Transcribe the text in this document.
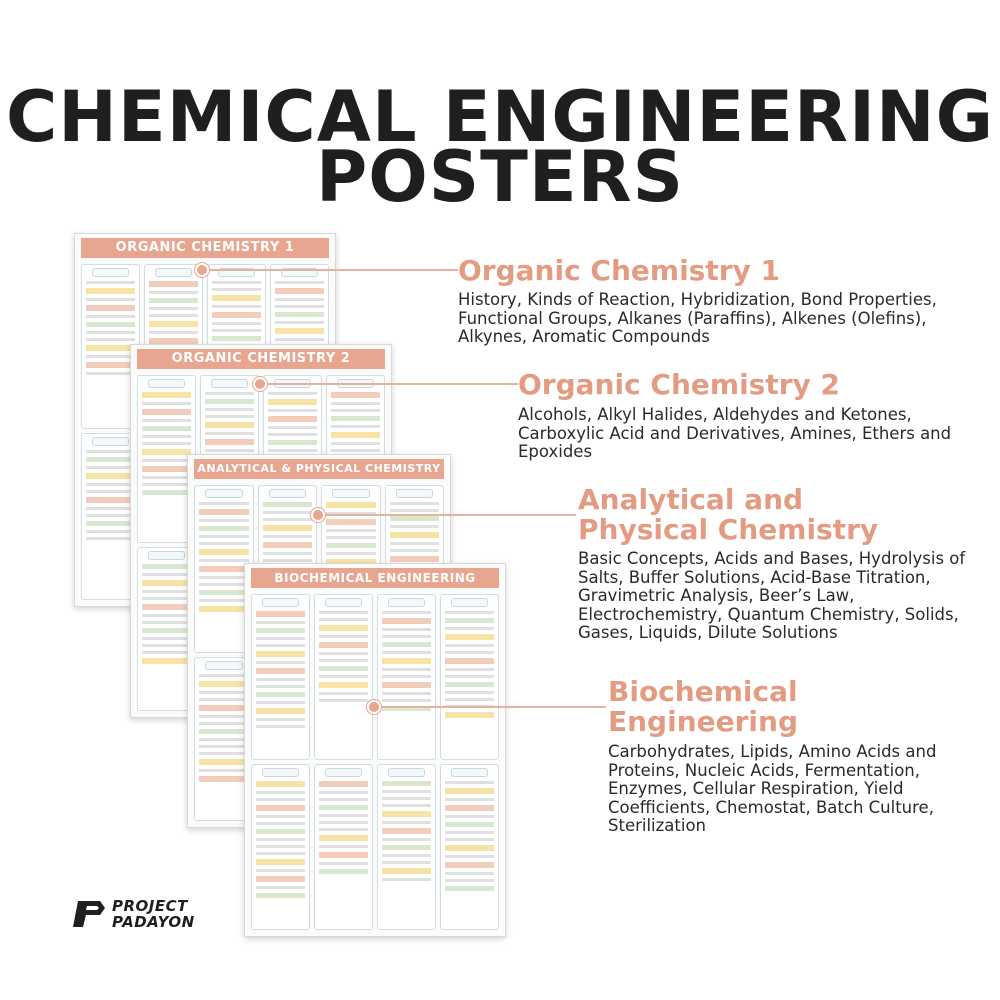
CHEMICAL ENGINEERING
POSTERS
ORGANIC CHEMISTRY 1
ORGANIC CHEMISTRY 2
ANALYTICAL & PHYSICAL CHEMISTRY
BIOCHEMICAL ENGINEERING
Organic Chemistry 1
History, Kinds of Reaction, Hybridization, Bond Properties, Functional Groups, Alkanes (Paraffins), Alkenes (Olefins), Alkynes, Aromatic Compounds
Organic Chemistry 2
Alcohols, Alkyl Halides, Aldehydes and Ketones, Carboxylic Acid and Derivatives, Amines, Ethers and Epoxides
Analytical and
Physical Chemistry
Basic Concepts, Acids and Bases, Hydrolysis of Salts, Buffer Solutions, Acid-Base Titration, Gravimetric Analysis, Beer’s Law, Electrochemistry, Quantum Chemistry, Solids, Gases, Liquids, Dilute Solutions
Biochemical
Engineering
Carbohydrates, Lipids, Amino Acids and Proteins, Nucleic Acids, Fermentation, Enzymes, Cellular Respiration, Yield Coefficients, Chemostat, Batch Culture, Sterilization
PROJECT
PADAYON
